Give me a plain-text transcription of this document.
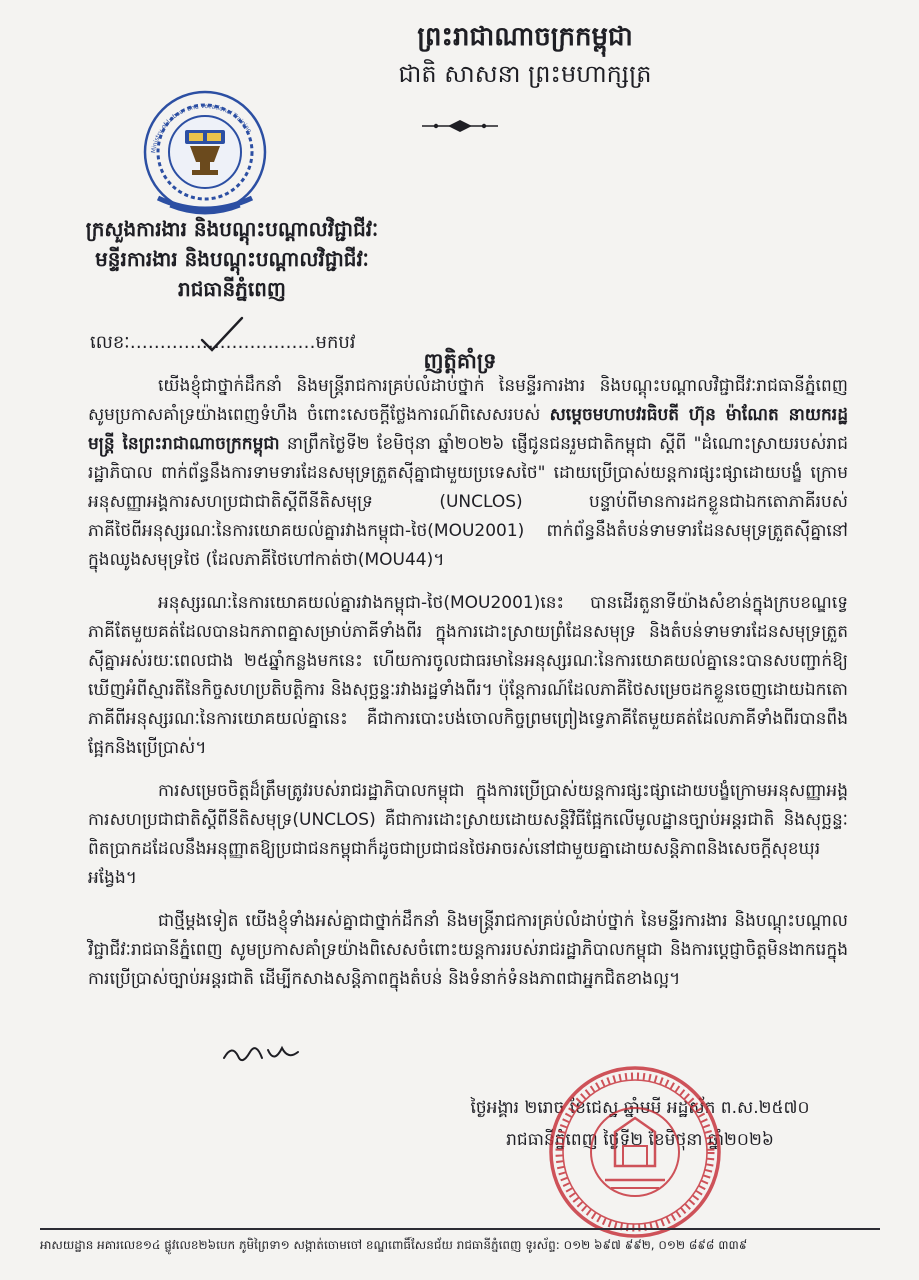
ព្រះរាជាណាចក្រកម្ពុជា
ជាតិ សាសនា ព្រះមហាក្សត្រ
Ministry of Labour and Vocational Training
ក្រសួងការងារ និងបណ្តុះបណ្តាលវិជ្ជាជីវៈ
មន្ទីរការងារ និងបណ្តុះបណ្តាលវិជ្ជាជីវៈ
រាជធានីភ្នំពេញ
លេខៈ…………….……………មកបវ
ញត្តិគាំទ្រ

យើងខ្ញុំជាថ្នាក់ដឹកនាំ និងមន្ត្រីរាជការគ្រប់លំដាប់ថ្នាក់ នៃមន្ទីរការងារ និងបណ្តុះបណ្តាលវិជ្ជាជីវៈរាជធានីភ្នំពេញ សូមប្រកាសគាំទ្រយ៉ាងពេញទំហឹង ចំពោះសេចក្តីថ្លែងការណ៍ពិសេសរបស់ សម្តេចមហាបវរធិបតី ហ៊ុន ម៉ាណែត នាយករដ្ឋមន្ត្រី នៃព្រះរាជាណាចក្រកម្ពុជា នាព្រឹកថ្ងៃទី២ ខែមិថុនា ឆ្នាំ២០២៦ ផ្ញើជូនជនរួមជាតិកម្ពុជា ស្តីពី "ដំណោះស្រាយរបស់រាជរដ្ឋាភិបាល ពាក់ព័ន្ធនឹងការទាមទារដែនសមុទ្រត្រួតស៊ីគ្នាជាមួយប្រទេសថៃ" ដោយប្រើប្រាស់យន្តការផ្សះផ្សាដោយបង្ខំ ក្រោមអនុសញ្ញាអង្គការសហប្រជាជាតិស្តីពីនីតិសមុទ្រ (UNCLOS) បន្ទាប់ពីមានការដកខ្លួនជាឯកតោភាគីរបស់ភាគីថៃពីអនុស្សរណៈនៃការយោគយល់គ្នារវាងកម្ពុជា-ថៃ(MOU2001) ពាក់ព័ន្ធនឹងតំបន់ទាមទារដែនសមុទ្រត្រួតស៊ីគ្នានៅក្នុងឈូងសមុទ្រថៃ (ដែលភាគីថៃហៅកាត់ថា(MOU44)។

អនុស្សរណៈនៃការយោគយល់គ្នារវាងកម្ពុជា-ថៃ(MOU2001)នេះ បានដើរតួនាទីយ៉ាងសំខាន់ក្នុងក្របខណ្ឌទ្វេភាគីតែមួយគត់ដែលបានឯកភាពគ្នាសម្រាប់ភាគីទាំងពីរ ក្នុងការដោះស្រាយព្រំដែនសមុទ្រ និងតំបន់ទាមទារដែនសមុទ្រត្រួតស៊ីគ្នាអស់រយៈពេលជាង ២៥ឆ្នាំកន្លងមកនេះ ហើយការចូលជាធរមានៃអនុស្សរណៈនៃការយោគយល់គ្នានេះបានសបញ្ជាក់ឱ្យឃើញអំពីស្មារតីនៃកិច្ចសហប្រតិបត្តិការ និងសុច្ឆន្ទៈរវាងរដ្ឋទាំងពីរ។ ប៉ុន្តែការណ៍ដែលភាគីថៃសម្រេចដកខ្លួនចេញដោយឯកតោភាគីពីអនុស្សរណៈនៃការយោគយល់គ្នានេះ គឺជាការបោះបង់ចោលកិច្ចព្រមព្រៀងទ្វេភាគីតែមួយគត់ដែលភាគីទាំងពីរបានពឹងផ្អែកនិងប្រើប្រាស់។

ការសម្រេចចិត្តដ៏ត្រឹមត្រូវរបស់រាជរដ្ឋាភិបាលកម្ពុជា ក្នុងការប្រើប្រាស់យន្តការផ្សះផ្សាដោយបង្ខំក្រោមអនុសញ្ញាអង្គការសហប្រជាជាតិស្តីពីនីតិសមុទ្រ(UNCLOS) គឺជាការដោះស្រាយដោយសន្តិវិធីផ្អែកលើមូលដ្ឋានច្បាប់អន្តរជាតិ និងសុច្ឆន្ទៈពិតប្រាកដដែលនឹងអនុញ្ញាតឱ្យប្រជាជនកម្ពុជាក៏ដូចជាប្រជាជនថៃអាចរស់នៅជាមួយគ្នាដោយសន្តិភាពនិងសេចក្តីសុខឃុរអង្វែង។

ជាថ្មីម្តងទៀត យើងខ្ញុំទាំងអស់គ្នាជាថ្នាក់ដឹកនាំ និងមន្ត្រីរាជការគ្រប់លំដាប់ថ្នាក់ នៃមន្ទីរការងារ និងបណ្តុះបណ្តាលវិជ្ជាជីវៈរាជធានីភ្នំពេញ សូមប្រកាសគាំទ្រយ៉ាងពិសេសចំពោះយន្តការរបស់រាជរដ្ឋាភិបាលកម្ពុជា និងការប្តេជ្ញាចិត្តមិនងាករេក្នុងការប្រើប្រាស់ច្បាប់អន្តរជាតិ ដើម្បីកសាងសន្តិភាពក្នុងតំបន់ និងទំនាក់ទំនងភាពជាអ្នកជិតខាងល្អ។

ថ្ងៃអង្គារ ២រោច ខែជេស្ឋ ឆ្នាំមមី អដ្ឋស័ក ព.ស.២៥៧០
រាជធានីភ្នំពេញ ថ្ងៃទី២ ខែមិថុនា ឆ្នាំ២០២៦
អាសយដ្ឋាន អគារលេខ១៤ ផ្លូវលេខ២៦បេក ភូមិព្រៃទា១ សង្កាត់ចោមចៅ ខណ្ឌពោធិ៍សែនជ័យ រាជធានីភ្នំពេញ ទូរស័ព្ទ: ០១២ ៦៩៧ ៩៩២, ០១២ ៨៩៨ ៣៣៩
